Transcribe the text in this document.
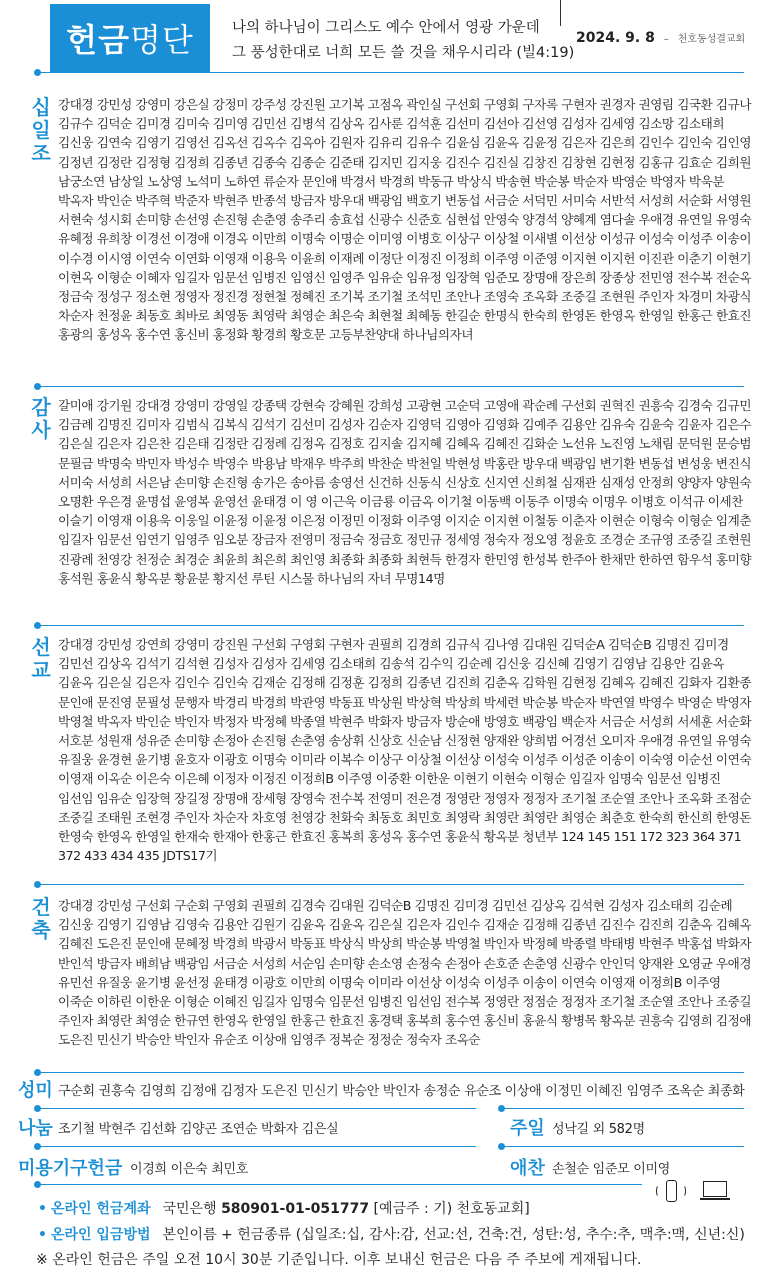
헌금 명단	나의 하나님이 그리스도 예수 안에서 영광 가운데
그 풍성한대로 너희 모든 쓸 것을 채우시리라 (빌4:19)
2024. 9. 8 – 천호동성결교회
십
일
조
강대경 강민성 강영미 강은실 강정미 강주성 강진원 고기복 고점옥 곽인실 구선회 구영회 구자록 구현자 권경자 권영림 김국환 김규나 김규수 김덕순 김미경 김미숙 김미영 김민선 김병석 김상옥 김사룬 김석훈 김선미 김선아 김선영 김성자 김세영 김소망 김소태희 김신웅 김연숙 김영기 김영선 김옥선 김옥수 김옥아 김원자 김유리 김유수 김윤심 김윤옥 김윤정 김은자 김은희 김인수 김인숙 김인영 김정년 김정란 김정형 김정희 김종년 김종숙 김종순 김준태 김지민 김지웅 김진수 김진실 김창진 김창현 김현정 김홍규 김효순 김희원 남궁소연 남상일 노상영 노석미 노하연 류순자 문인애 박경서 박경희 박동규 박상식 박송현 박순봉 박순자 박영순 박영자 박욱분 박옥자 박인순 박주혁 박준자 박현주 반종석 방금자 방우대 백광임 백호기 변동섭 서금순 서덕민 서미숙 서반석 서성희 서순화 서영원 서현숙 성시회 손미향 손선영 손진형 손춘영 송주리 송효섭 신광수 신준호 심현섭 안영숙 양경석 양혜계 염다솔 우애경 유연일 유영숙 유혜정 유희창 이경선 이경애 이경옥 이만희 이명숙 이명순 이미영 이병호 이상구 이상철 이새별 이선상 이성규 이성숙 이성주 이송이 이수경 이시영 이연숙 이연화 이영재 이용욱 이윤희 이재례 이정단 이정진 이정희 이주영 이준영 이지현 이지헌 이진관 이춘기 이현기 이현옥 이형순 이혜자 임길자 임문선 임병진 임영신 임영주 임유순 임유정 임장혁 임준모 장명애 장은희 장종상 전민영 전수복 전순옥 정금숙 정성구 정소현 정영자 정진경 정현철 정혜진 조기복 조기철 조석민 조안나 조영숙 조옥화 조중길 조현원 주인자 차경미 차광식 차순자 천정윤 최동호 최바로 최영동 최영락 최영순 최은숙 최현철 최혜동 한길순 한명식 한숙희 한영돈 한영옥 한영일 한홍근 한효진 홍광의 홍성옥 홍수연 홍신비 홍정화 황경희 황호문 고등부찬양대 하나님의자녀
감
사
갈미애 강기원 강대경 강영미 강영일 강종택 강현숙 강혜원 강희성 고광현 고순덕 고영애 곽순례 구선회 권혁진 권흥숙 김경숙 김규민 김금례 김명진 김미자 김범식 김복식 김석기 김선미 김성자 김순자 김영덕 김영아 김영화 김예주 김용안 김유숙 김윤숙 김윤자 김은수 김은실 김은자 김은찬 김은태 김정란 김정례 김정옥 김정호 김지솔 김지혜 김혜옥 김혜진 김화순 노선유 노진영 노채림 문덕원 문승범 문필금 박명숙 박민자 박성수 박영수 박용남 박재우 박주희 박찬순 박천일 박현성 박홍란 방우대 백광임 변기환 변동섭 변성웅 변진식 서미숙 서성희 서은남 손미향 손진형 송가은 송아름 송영선 신건하 신동식 신상호 신지연 신희철 심재관 심재성 안정희 양양자 양원숙 오명환 우은경 윤명섭 윤영복 윤영선 윤태경 이 영 이근욱 이금룡 이금옥 이기철 이동백 이동주 이명숙 이명우 이병호 이석규 이세찬 이슬기 이영재 이용욱 이웅일 이윤정 이윤정 이은정 이정민 이정화 이주영 이지순 이지현 이철동 이춘자 이현순 이형숙 이형순 임계춘 임길자 임문선 임연기 임영주 임오분 장금자 전영미 정금숙 정금호 정민규 정세영 정숙자 정오영 정윤호 조경순 조규영 조중길 조현원 진광례 천영강 천정순 최경순 최윤희 최은희 최인영 최종화 최종화 최현득 한경자 한민영 한성복 한주아 한채만 한하연 함우석 홍미향 홍석원 홍윤식 황옥분 황윤분 황지선 루틴 시스물 하나님의 자녀 무명14명
선
교
강대경 강민성 강연희 강영미 강진원 구선회 구영회 구현자 권필희 김경희 김규식 김나영 김대원 김덕순A 김덕순B 김명진 김미경 김민선 김상옥 김석기 김석현 김성자 김성자 김세영 김소태희 김송석 김수익 김순례 김신웅 김신혜 김영기 김영남 김용안 김윤옥 김윤옥 김은실 김은자 김인수 김인숙 김재순 김정해 김정훈 김정희 김종년 김진희 김춘옥 김학원 김현정 김혜옥 김혜진 김화자 김환종 문인애 문진영 문필성 문행자 박경리 박경희 박관영 박동표 박상원 박상혁 박상희 박세련 박순봉 박순자 박연열 박영수 박영순 박영자 박영철 박옥자 박인순 박인자 박정자 박정혜 박종열 박현주 박화자 방금자 방순애 방영호 백광임 백순자 서금순 서성희 서세훈 서순화 서호분 성원재 성유준 손미향 손정아 손진형 손춘영 송상휘 신상호 신순남 신정현 양재완 양희범 어경선 오미자 우애경 유연일 유영숙 유질웅 윤경현 윤기병 윤호자 이광호 이명숙 이미라 이복수 이상구 이상철 이선상 이성숙 이성주 이성준 이송이 이숙영 이순선 이연숙 이영재 이옥순 이은숙 이은혜 이정자 이정진 이정희B 이주영 이중환 이한운 이현기 이현숙 이형순 임길자 임명숙 임문선 임병진 임선임 임유순 임장혁 장길정 장명애 장세형 장영숙 전수복 전영미 전은경 정영란 정영자 정정자 조기철 조순열 조안나 조옥화 조점순 조중길 조태원 조현경 주인자 차순자 차호영 천영강 천화숙 최동호 최민호 최영락 최영란 최영란 최영순 최춘호 한숙희 한신희 한영돈 한영숙 한영옥 한영일 한재숙 한재아 한홍근 한효진 홍복희 홍성옥 홍수연 홍윤식 황옥분 청년부 124 145 151 172 323 364 371 372 433 434 435 JDTS17기
건
축
강대경 강민성 구선회 구순회 구영회 권필희 김경숙 김대원 김덕순B 김명진 김미경 김민선 김상옥 김석현 김성자 김소태희 김순례 김신웅 김영기 김영남 김영숙 김용안 김원기 김윤옥 김윤옥 김은실 김은자 김인수 김재순 김정해 김종년 김진수 김진희 김춘옥 김혜옥 김혜진 도은진 문인애 문혜정 박경희 박광서 박동표 박상식 박상희 박순봉 박영철 박인자 박정혜 박종렬 박태병 박현주 박홍섭 박화자 반인석 방금자 배희남 백광임 서금순 서성희 서순임 손미향 손소영 손정숙 손정아 손호준 손춘영 신광수 안인덕 양재완 오영균 우애경 유민선 유질웅 윤기병 윤선정 윤태경 이광호 이만희 이명숙 이미라 이선상 이성숙 이성주 이송이 이연숙 이영재 이정희B 이주영 이죽순 이하린 이한운 이형순 이혜진 임길자 임명숙 임문선 임병진 임선임 전수복 정영란 정점순 정정자 조기철 조순열 조안나 조중길 주인자 최영란 최영순 한규연 한영옥 한영일 한홍근 한효진 홍경택 홍복희 홍수연 홍신비 홍윤식 황병목 황옥분 권흥숙 김영희 김정애 도은진 민신기 박승안 박인자 유순조 이상애 임영주 정복순 정정순 정숙자 조옥순
성미 구순회 권흥숙 김영희 김정애 김정자 도은진 민신기 박승안 박인자 송정순 유순조 이상애 이정민 이혜진 임영주 조옥순 최종화
나눔 조기철 박현주 김선화 김양곤 조연순 박화자 김은실	주일 성낙길 외 582명
미용기구헌금 이경희 이은숙 최민호	애찬 손철순 임준모 이미영
• 온라인 헌금계좌 국민은행 580901-01-051777 [예금주 : 기) 천호동교회]
• 온라인 입금방법 본인이름 + 헌금종류 (십일조:십, 감사:감, 선교:선, 건축:건, 성탄:성, 추수:추, 맥추:맥, 신년:신)
※ 온라인 헌금은 주일 오전 10시 30분 기준입니다. 이후 보내신 헌금은 다음 주 주보에 게재됩니다.
